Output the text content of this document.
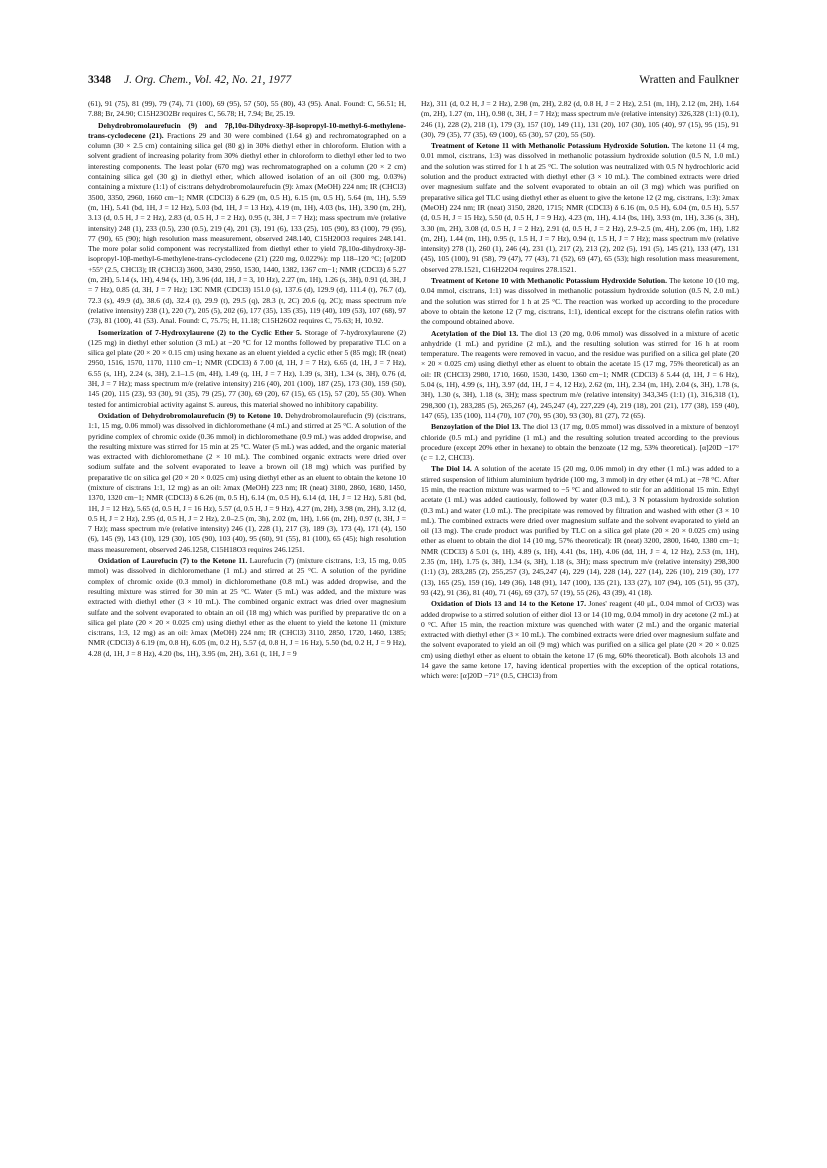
3348 J. Org. Chem., Vol. 42, No. 21, 1977	Wratten and Faulkner

(61), 91 (75), 81 (99), 79 (74), 71 (100), 69 (95), 57 (50), 55 (80), 43 (95). Anal. Found: C, 56.51; H, 7.88; Br, 24.90; C15H23O2Br requires C, 56.78; H, 7.94; Br, 25.19.

Dehydrobromolaurefucin (9) and 7β,10α-Dihydroxy-3β-isopropyl-10-methyl-6-methylene-trans-cyclodecene (21). Fractions 29 and 30 were combined (1.64 g) and rechromatographed on a column (30 × 2.5 cm) containing silica gel (80 g) in 30% diethyl ether in chloroform. Elution with a solvent gradient of increasing polarity from 30% diethyl ether in chloroform to diethyl ether led to two interesting components. The least polar (670 mg) was rechromatographed on a column (20 × 2 cm) containing silica gel (30 g) in diethyl ether, which allowed isolation of an oil (300 mg, 0.03%) containing a mixture (1:1) of cis:trans dehydrobromolaurefucin (9): λmax (MeOH) 224 nm; IR (CHCl3) 3500, 3350, 2960, 1660 cm−1; NMR (CDCl3) δ 6.29 (m, 0.5 H), 6.15 (m, 0.5 H), 5.64 (m, 1H), 5.59 (m, 1H), 5.41 (bd, 1H, J = 12 Hz), 5.03 (bd, 1H, J = 13 Hz), 4.19 (m, 1H), 4.03 (bs, 1H), 3.90 (m, 2H), 3.13 (d, 0.5 H, J = 2 Hz), 2.83 (d, 0.5 H, J = 2 Hz), 0.95 (t, 3H, J = 7 Hz); mass spectrum m/e (relative intensity) 248 (1), 233 (0.5), 230 (0.5), 219 (4), 201 (3), 191 (6), 133 (25), 105 (90), 83 (100), 79 (95), 77 (90), 65 (90); high resolution mass measurement, observed 248.140, C15H20O3 requires 248.141. The more polar solid component was recrystallized from diethyl ether to yield 7β,10α-dihydroxy-3β-isopropyl-10β-methyl-6-methylene-trans-cyclodecene (21) (220 mg, 0.022%): mp 118–120 °C; [α]20D +55° (2.5, CHCl3); IR (CHCl3) 3600, 3430, 2950, 1530, 1440, 1382, 1367 cm−1; NMR (CDCl3) δ 5.27 (m, 2H), 5.14 (s, 1H), 4.94 (s, 1H), 3.96 (dd, 1H, J = 3, 10 Hz), 2.27 (m, 1H), 1.26 (s, 3H), 0.91 (d, 3H, J = 7 Hz), 0.85 (d, 3H, J = 7 Hz); 13C NMR (CDCl3) 151.0 (s), 137.6 (d), 129.9 (d), 111.4 (t), 76.7 (d), 72.3 (s), 49.9 (d), 38.6 (d), 32.4 (t), 29.9 (t), 29.5 (q), 28.3 (t, 2C) 20.6 (q, 2C); mass spectrum m/e (relative intensity) 238 (1), 220 (7), 205 (5), 202 (6), 177 (35), 135 (35), 119 (40), 109 (53), 107 (68), 97 (73), 81 (100), 41 (53). Anal. Found: C, 75.75; H, 11.18; C15H26O2 requires C, 75.63; H, 10.92.

Isomerization of 7-Hydroxylaurene (2) to the Cyclic Ether 5. Storage of 7-hydroxylaurene (2) (125 mg) in diethyl ether solution (3 mL) at −20 °C for 12 months followed by preparative TLC on a silica gel plate (20 × 20 × 0.15 cm) using hexane as an eluent yielded a cyclic ether 5 (85 mg); IR (neat) 2950, 1516, 1570, 1170, 1110 cm−1; NMR (CDCl3) δ 7.00 (d, 1H, J = 7 Hz), 6.65 (d, 1H, J = 7 Hz), 6.55 (s, 1H), 2.24 (s, 3H), 2.1–1.5 (m, 4H), 1.49 (q, 1H, J = 7 Hz), 1.39 (s, 3H), 1.34 (s, 3H), 0.76 (d, 3H, J = 7 Hz); mass spectrum m/e (relative intensity) 216 (40), 201 (100), 187 (25), 173 (30), 159 (50), 145 (20), 115 (23), 93 (30), 91 (35), 79 (25), 77 (30), 69 (20), 67 (15), 65 (15), 57 (20), 55 (30). When tested for antimicrobial activity against S. aureus, this material showed no inhibitory capability.

Oxidation of Dehydrobromolaurefucin (9) to Ketone 10. Dehydrobromolaurefucin (9) (cis:trans, 1:1, 15 mg, 0.06 mmol) was dissolved in dichloromethane (4 mL) and stirred at 25 °C. A solution of the pyridine complex of chromic oxide (0.36 mmol) in dichloromethane (0.9 mL) was added dropwise, and the resulting mixture was stirred for 15 min at 25 °C. Water (5 mL) was added, and the organic material was extracted with dichloromethane (2 × 10 mL). The combined organic extracts were dried over sodium sulfate and the solvent evaporated to leave a brown oil (18 mg) which was purified by preparative tlc on silica gel (20 × 20 × 0.025 cm) using diethyl ether as an eluent to obtain the ketone 10 (mixture of cis:trans 1:1, 12 mg) as an oil: λmax (MeOH) 223 nm; IR (neat) 3180, 2860, 1680, 1450, 1370, 1320 cm−1; NMR (CDCl3) δ 6.26 (m, 0.5 H), 6.14 (m, 0.5 H), 6.14 (d, 1H, J = 12 Hz), 5.81 (bd, 1H, J = 12 Hz), 5.65 (d, 0.5 H, J = 16 Hz), 5.57 (d, 0.5 H, J = 9 Hz), 4.27 (m, 2H), 3.98 (m, 2H), 3.12 (d, 0.5 H, J = 2 Hz), 2.95 (d, 0.5 H, J = 2 Hz), 2.0–2.5 (m, 3h), 2.02 (m, 1H), 1.66 (m, 2H), 0.97 (t, 3H, J = 7 Hz); mass spectrum m/e (relative intensity) 246 (1), 228 (1), 217 (3), 189 (3), 173 (4), 171 (4), 150 (6), 145 (9), 143 (10), 129 (30), 105 (90), 103 (40), 95 (60), 91 (55), 81 (100), 65 (45); high resolution mass measurement, observed 246.1258, C15H18O3 requires 246.1251.

Oxidation of Laurefucin (7) to the Ketone 11. Laurefucin (7) (mixture cis:trans, 1:3, 15 mg, 0.05 mmol) was dissolved in dichloromethane (1 mL) and stirred at 25 °C. A solution of the pyridine complex of chromic oxide (0.3 mmol) in dichloromethane (0.8 mL) was added dropwise, and the resulting mixture was stirred for 30 min at 25 °C. Water (5 mL) was added, and the mixture was extracted with diethyl ether (3 × 10 mL). The combined organic extract was dried over magnesium sulfate and the solvent evaporated to obtain an oil (18 mg) which was purified by preparative tlc on a silica gel plate (20 × 20 × 0.025 cm) using diethyl ether as the eluent to yield the ketone 11 (mixture cis:trans, 1:3, 12 mg) as an oil: λmax (MeOH) 224 nm; IR (CHCl3) 3110, 2850, 1720, 1460, 1385; NMR (CDCl3) δ 6.19 (m, 0.8 H), 6.05 (m, 0.2 H), 5.57 (d, 0.8 H, J = 16 Hz), 5.50 (bd, 0.2 H, J = 9 Hz), 4.28 (d, 1H, J = 8 Hz), 4.20 (bs, 1H), 3.95 (m, 2H), 3.61 (t, 1H, J = 9

Hz), 311 (d, 0.2 H, J = 2 Hz), 2.98 (m, 2H), 2.82 (d, 0.8 H, J = 2 Hz), 2.51 (m, 1H), 2.12 (m, 2H), 1.64 (m, 2H), 1.27 (m, 1H), 0.98 (t, 3H, J = 7 Hz); mass spectrum m/e (relative intensity) 326,328 (1:1) (0.1), 246 (1), 228 (2), 218 (1), 179 (3), 157 (10), 149 (11), 131 (20), 107 (30), 105 (40), 97 (15), 95 (15), 91 (30), 79 (35), 77 (35), 69 (100), 65 (30), 57 (20), 55 (50).

Treatment of Ketone 11 with Methanolic Potassium Hydroxide Solution. The ketone 11 (4 mg, 0.01 mmol, cis:trans, 1:3) was dissolved in methanolic potassium hydroxide solution (0.5 N, 1.0 mL) and the solution was stirred for 1 h at 25 °C. The solution was neutralized with 0.5 N hydrochloric acid solution and the product extracted with diethyl ether (3 × 10 mL). The combined extracts were dried over magnesium sulfate and the solvent evaporated to obtain an oil (3 mg) which was purified on preparative silica gel TLC using diethyl ether as eluent to give the ketone 12 (2 mg, cis:trans, 1:3): λmax (MeOH) 224 nm; IR (neat) 3150, 2820, 1715; NMR (CDCl3) δ 6.16 (m, 0.5 H), 6.04 (m, 0.5 H), 5.57 (d, 0.5 H, J = 15 Hz), 5.50 (d, 0.5 H, J = 9 Hz), 4.23 (m, 1H), 4.14 (bs, 1H), 3.93 (m, 1H), 3.36 (s, 3H), 3.30 (m, 2H), 3.08 (d, 0.5 H, J = 2 Hz), 2.91 (d, 0.5 H, J = 2 Hz), 2.9–2.5 (m, 4H), 2.06 (m, 1H), 1.82 (m, 2H), 1.44 (m, 1H), 0.95 (t, 1.5 H, J = 7 Hz), 0.94 (t, 1.5 H, J = 7 Hz); mass spectrum m/e (relative intensity) 278 (1), 260 (1), 246 (4), 231 (1), 217 (2), 213 (2), 202 (5), 191 (5), 145 (21), 133 (47), 131 (45), 105 (100), 91 (58), 79 (47), 77 (43), 71 (52), 69 (47), 65 (53); high resolution mass measurement, observed 278.1521, C16H22O4 requires 278.1521.

Treatment of Ketone 10 with Methanolic Potassium Hydroxide Solution. The ketone 10 (10 mg, 0.04 mmol, cis:trans, 1:1) was dissolved in methanolic potassium hydroxide solution (0.5 N, 2.0 mL) and the solution was stirred for 1 h at 25 °C. The reaction was worked up according to the procedure above to obtain the ketone 12 (7 mg, cis:trans, 1:1), identical except for the cis:trans olefin ratios with the compound obtained above.

Acetylation of the Diol 13. The diol 13 (20 mg, 0.06 mmol) was dissolved in a mixture of acetic anhydride (1 mL) and pyridine (2 mL), and the resulting solution was stirred for 16 h at room temperature. The reagents were removed in vacuo, and the residue was purified on a silica gel plate (20 × 20 × 0.025 cm) using diethyl ether as eluent to obtain the acetate 15 (17 mg, 75% theoretical) as an oil: IR (CHCl3) 2980, 1710, 1660, 1530, 1430, 1360 cm−1; NMR (CDCl3) δ 5.44 (d, 1H, J = 6 Hz), 5.04 (s, 1H), 4.99 (s, 1H), 3.97 (dd, 1H, J = 4, 12 Hz), 2.62 (m, 1H), 2.34 (m, 1H), 2.04 (s, 3H), 1.78 (s, 3H), 1.30 (s, 3H), 1.18 (s, 3H); mass spectrum m/e (relative intensity) 343,345 (1:1) (1), 316,318 (1), 298,300 (1), 283,285 (5), 265,267 (4), 245,247 (4), 227,229 (4), 219 (18), 201 (21), 177 (38), 159 (40), 147 (65), 135 (100), 114 (70), 107 (70), 95 (30), 93 (30), 81 (27), 72 (65).

Benzoylation of the Diol 13. The diol 13 (17 mg, 0.05 mmol) was dissolved in a mixture of benzoyl chloride (0.5 mL) and pyridine (1 mL) and the resulting solution treated according to the previous procedure (except 20% ether in hexane) to obtain the benzoate (12 mg, 53% theoretical). [α]20D −17° (c = 1.2, CHCl3).

The Diol 14. A solution of the acetate 15 (20 mg, 0.06 mmol) in dry ether (1 mL) was added to a stirred suspension of lithium aluminium hydride (100 mg, 3 mmol) in dry ether (4 mL) at −78 °C. After 15 min, the reaction mixture was warmed to −5 °C and allowed to stir for an additional 15 min. Ethyl acetate (1 mL) was added cautiously, followed by water (0.3 mL), 3 N potassium hydroxide solution (0.3 mL) and water (1.0 mL). The precipitate was removed by filtration and washed with ether (3 × 10 mL). The combined extracts were dried over magnesium sulfate and the solvent evaporated to yield an oil (13 mg). The crude product was purified by TLC on a silica gel plate (20 × 20 × 0.025 cm) using ether as eluent to obtain the diol 14 (10 mg, 57% theoretical): IR (neat) 3200, 2800, 1640, 1380 cm−1; NMR (CDCl3) δ 5.01 (s, 1H), 4.89 (s, 1H), 4.41 (bs, 1H), 4.06 (dd, 1H, J = 4, 12 Hz), 2.53 (m, 1H), 2.35 (m, 1H), 1.75 (s, 3H), 1.34 (s, 3H), 1.18 (s, 3H); mass spectrum m/e (relative intensity) 298,300 (1:1) (3), 283,285 (2), 255,257 (3), 245,247 (4), 229 (14), 228 (14), 227 (14), 226 (10), 219 (30), 177 (13), 165 (25), 159 (16), 149 (36), 148 (91), 147 (100), 135 (21), 133 (27), 107 (94), 105 (51), 95 (37), 93 (42), 91 (36), 81 (40), 71 (46), 69 (37), 57 (19), 55 (26), 43 (39), 41 (18).

Oxidation of Diols 13 and 14 to the Ketone 17. Jones' reagent (40 μL, 0.04 mmol of CrO3) was added dropwise to a stirred solution of either diol 13 or 14 (10 mg, 0.04 mmol) in dry acetone (2 mL) at 0 °C. After 15 min, the reaction mixture was quenched with water (2 mL) and the organic material extracted with diethyl ether (3 × 10 mL). The combined extracts were dried over magnesium sulfate and the solvent evaporated to yield an oil (9 mg) which was purified on a silica gel plate (20 × 20 × 0.025 cm) using diethyl ether as eluent to obtain the ketone 17 (6 mg, 60% theoretical). Both alcohols 13 and 14 gave the same ketone 17, having identical properties with the exception of the optical rotations, which were: [α]20D −71° (0.5, CHCl3) from
